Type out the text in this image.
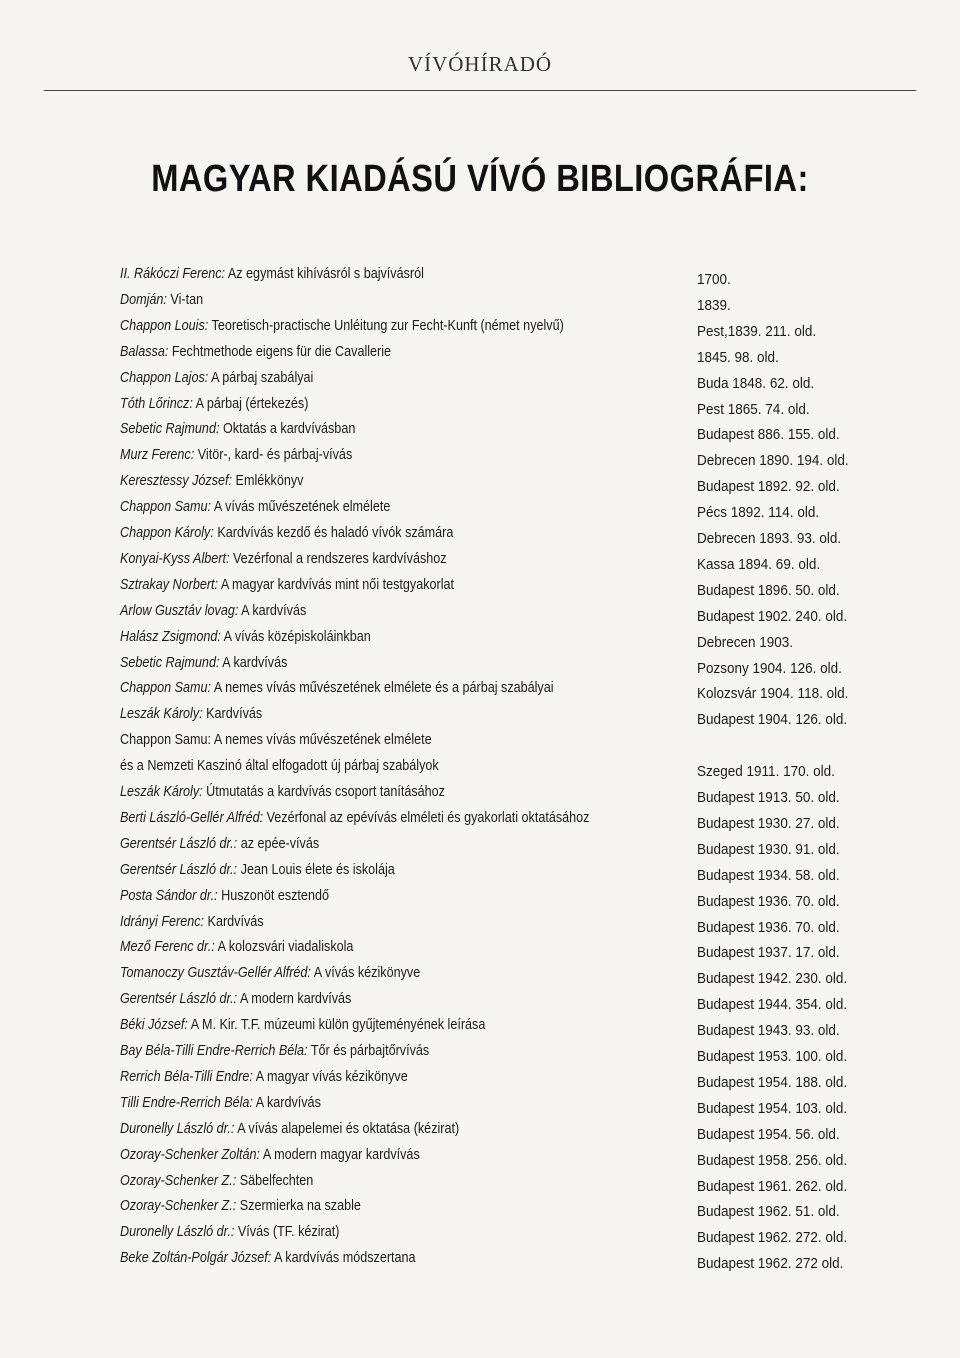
VÍVÓHÍRADÓ
MAGYAR KIADÁSÚ VÍVÓ BIBLIOGRÁFIA:
II. Rákóczi Ferenc: Az egymást kihívásról s bajvívásról	1700.
Domján: Vi-tan	1839.
Chappon Louis: Teoretisch-practische Unléitung zur Fecht-Kunft (német nyelvű)	Pest,1839. 211. old.
Balassa: Fechtmethode eigens für die Cavallerie	1845. 98. old.
Chappon Lajos: A párbaj szabályai	Buda 1848. 62. old.
Tóth Lőrincz: A párbaj (értekezés)	Pest 1865. 74. old.
Sebetic Rajmund: Oktatás a kardvívásban	Budapest 886. 155. old.
Murz Ferenc: Vitör-, kard- és párbaj-vívás	Debrecen 1890. 194. old.
Keresztessy József: Emlékkönyv	Budapest 1892. 92. old.
Chappon Samu: A vívás művészetének elmélete	Pécs 1892. 114. old.
Chappon Károly: Kardvívás kezdő és haladó vívók számára	Debrecen 1893. 93. old.
Konyai-Kyss Albert: Vezérfonal a rendszeres kardvíváshoz	Kassa 1894. 69. old.
Sztrakay Norbert: A magyar kardvívás mint női testgyakorlat	Budapest 1896. 50. old.
Arlow Gusztáv lovag: A kardvívás	Budapest 1902. 240. old.
Halász Zsigmond: A vívás középiskoláinkban	Debrecen 1903.
Sebetic Rajmund: A kardvívás	Pozsony 1904. 126. old.
Chappon Samu: A nemes vívás művészetének elmélete és a párbaj szabályai	Kolozsvár 1904. 118. old.
Leszák Károly: Kardvívás	Budapest 1904. 126. old.
Chappon Samu: A nemes vívás művészetének elmélete
és a Nemzeti Kaszinó által elfogadott új párbaj szabályok	Szeged 1911. 170. old.
Leszák Károly: Útmutatás a kardvívás csoport tanításához	Budapest 1913. 50. old.
Berti László-Gellér Alfréd: Vezérfonal az epévívás elméleti és gyakorlati oktatásához	Budapest 1930. 27. old.
Gerentsér László dr.: az epée-vívás	Budapest 1930. 91. old.
Gerentsér László dr.: Jean Louis élete és iskolája	Budapest 1934. 58. old.
Posta Sándor dr.: Huszonöt esztendő	Budapest 1936. 70. old.
Idrányi Ferenc: Kardvívás	Budapest 1936. 70. old.
Mező Ferenc dr.: A kolozsvári viadaliskola	Budapest 1937. 17. old.
Tomanoczy Gusztáv-Gellér Alfréd: A vívás kézikönyve	Budapest 1942. 230. old.
Gerentsér László dr.: A modern kardvívás	Budapest 1944. 354. old.
Béki József: A M. Kir. T.F. múzeumi külön gyűjteményének leírása	Budapest 1943. 93. old.
Bay Béla-Tilli Endre-Rerrich Béla: Tőr és párbajtőrvívás	Budapest 1953. 100. old.
Rerrich Béla-Tilli Endre: A magyar vívás kézikönyve	Budapest 1954. 188. old.
Tilli Endre-Rerrich Béla: A kardvívás	Budapest 1954. 103. old.
Duronelly László dr.: A vívás alapelemei és oktatása (kézirat)	Budapest 1954. 56. old.
Ozoray-Schenker Zoltán: A modern magyar kardvívás	Budapest 1958. 256. old.
Ozoray-Schenker Z.: Säbelfechten	Budapest 1961. 262. old.
Ozoray-Schenker Z.: Szermierka na szable	Budapest 1962. 51. old.
Duronelly László dr.: Vívás (TF. kézirat)	Budapest 1962. 272. old.
Beke Zoltán-Polgár József: A kardvívás módszertana	Budapest 1962. 272 old.
